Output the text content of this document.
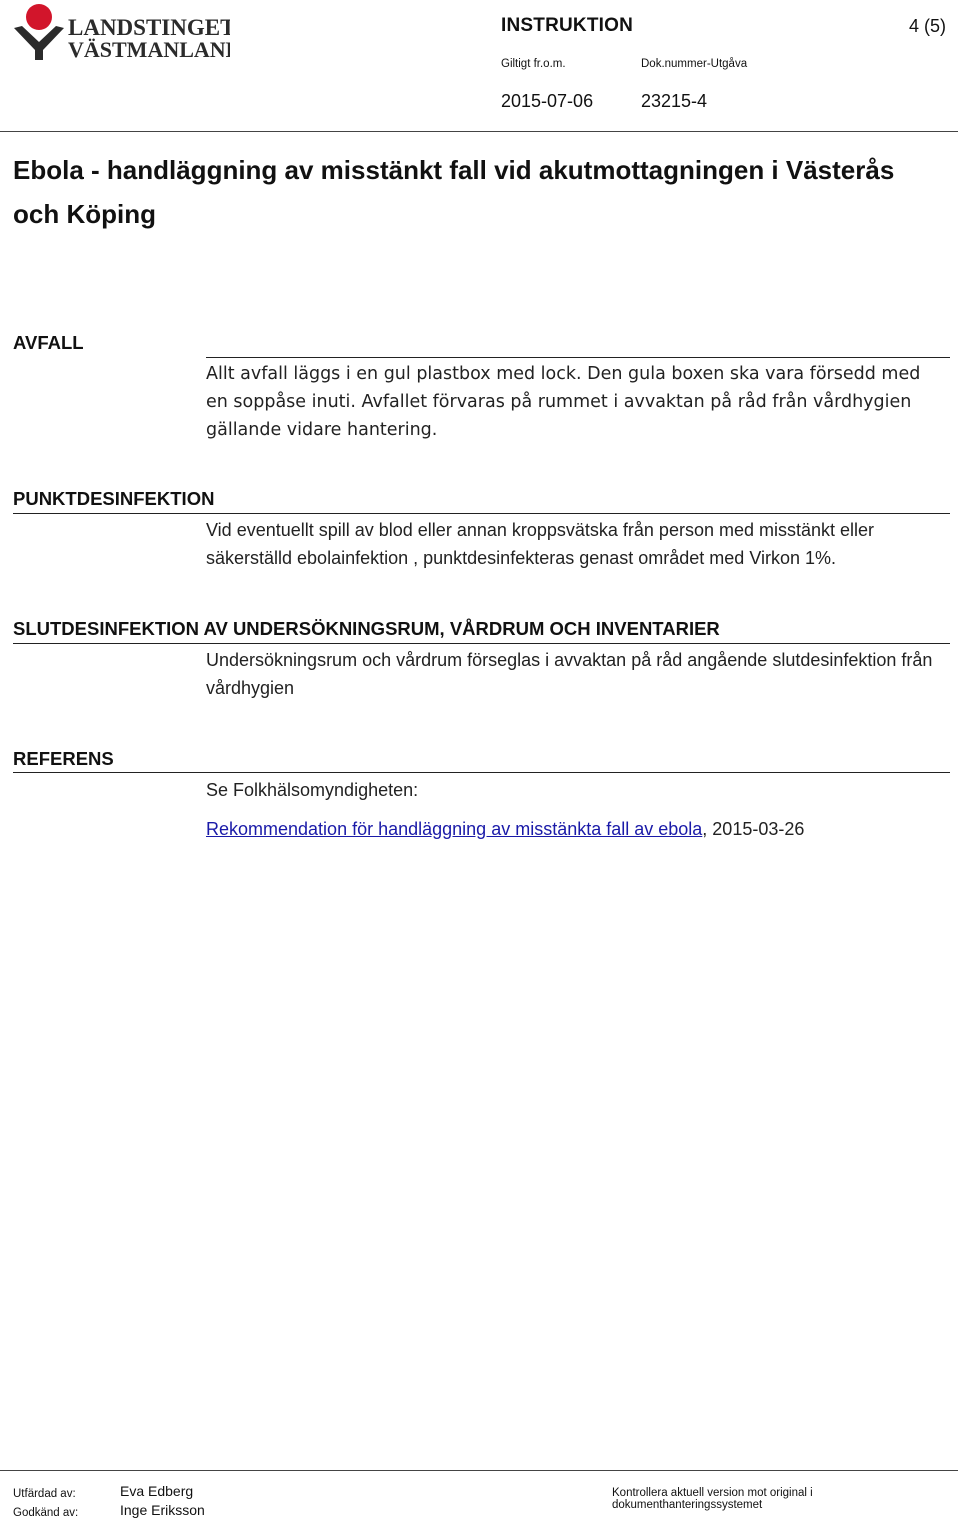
LANDSTINGET
VÄSTMANLAND
INSTRUKTION	4 (5)
Giltigt fr.o.m.	Dok.nummer-Utgåva
2015-07-06	23215-4
Ebola - handläggning av misstänkt fall vid akutmottagningen i Västerås och Köping
AVFALL
Allt avfall läggs i en gul plastbox med lock. Den gula boxen ska vara försedd med en soppåse inuti. Avfallet förvaras på rummet i avvaktan på råd från vårdhygien gällande vidare hantering.
PUNKTDESINFEKTION
Vid eventuellt spill av blod eller annan kroppsvätska från person med misstänkt eller säkerställd ebolainfektion , punktdesinfekteras genast området med Virkon 1%.
SLUTDESINFEKTION AV UNDERSÖKNINGSRUM, VÅRDRUM OCH INVENTARIER
Undersökningsrum och vårdrum förseglas i avvaktan på råd angående slutdesinfektion från vårdhygien
REFERENS
Se Folkhälsomyndigheten:
Rekommendation för handläggning av misstänkta fall av ebola, 2015-03-26
Utfärdad av:	Eva Edberg
Godkänd av:	Inge Eriksson
Kontrollera aktuell version mot original i dokumenthanteringssystemet
